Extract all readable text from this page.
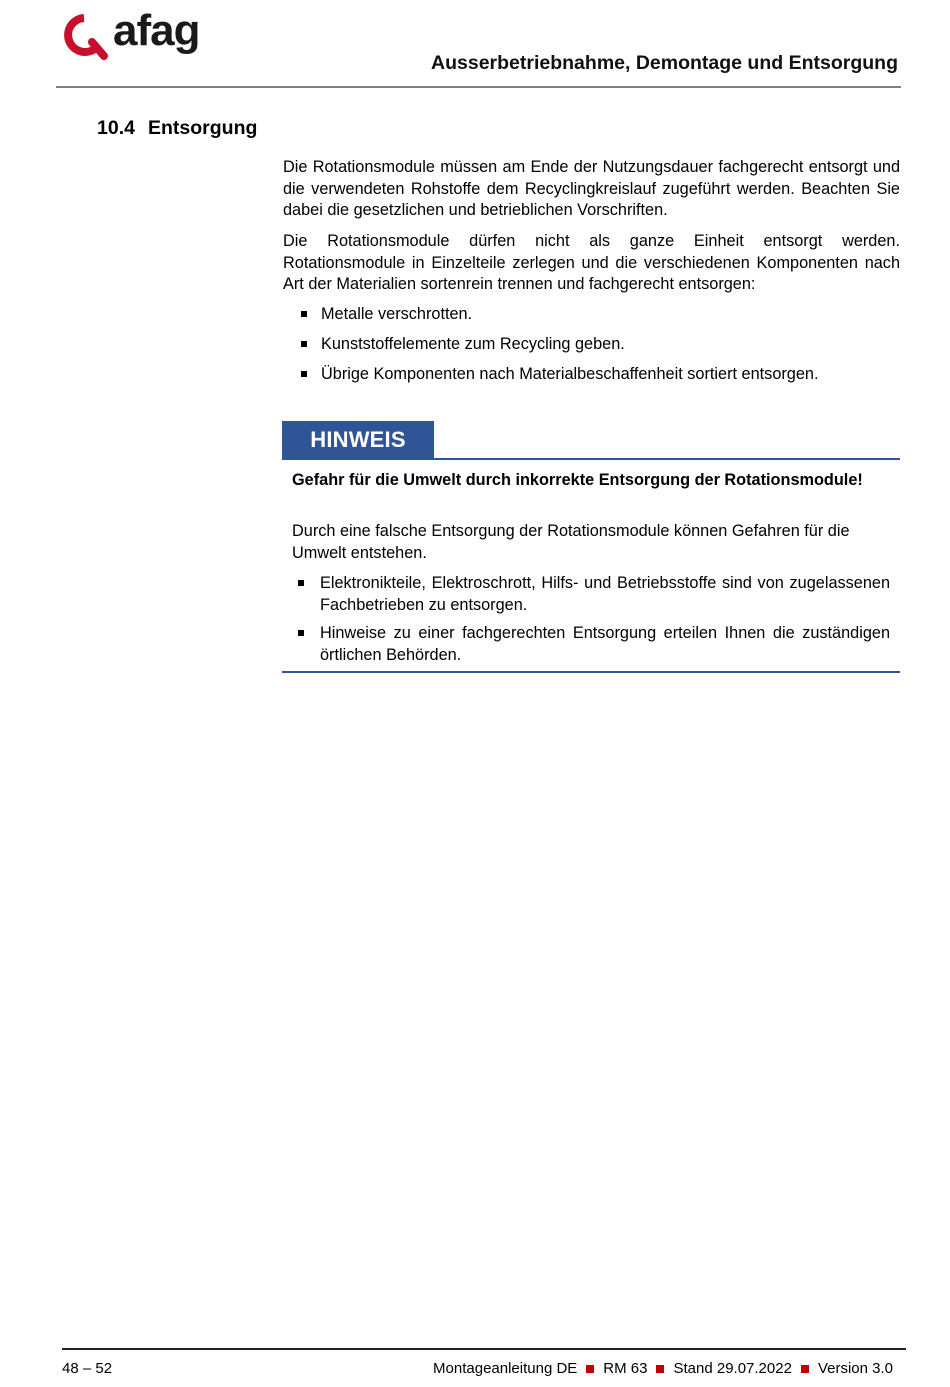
afag
Ausserbetriebnahme, Demontage und Entsorgung
10.4 Entsorgung

Die Rotationsmodule müssen am Ende der Nutzungsdauer fachgerecht entsorgt und die verwendeten Rohstoffe dem Recyclingkreislauf zugeführt werden. Beachten Sie dabei die gesetzlichen und betrieblichen Vorschriften.

Die Rotationsmodule dürfen nicht als ganze Einheit entsorgt werden. Rotationsmodule in Einzelteile zerlegen und die verschiedenen Komponenten nach Art der Materialien sortenrein trennen und fachgerecht entsorgen:

Metalle verschrotten.
Kunststoffelemente zum Recycling geben.
Übrige Komponenten nach Materialbeschaffenheit sortiert entsorgen.
HINWEIS

Gefahr für die Umwelt durch inkorrekte Entsorgung der Rotationsmodule!

Durch eine falsche Entsorgung der Rotationsmodule können Gefahren für die Umwelt entstehen.

Elektronikteile, Elektroschrott, Hilfs- und Betriebsstoffe sind von zugelassenen Fachbetrieben zu entsorgen.
Hinweise zu einer fachgerechten Entsorgung erteilen Ihnen die zuständigen örtlichen Behörden.
48 – 52	Montageanleitung DE RM 63 Stand 29.07.2022 Version 3.0
